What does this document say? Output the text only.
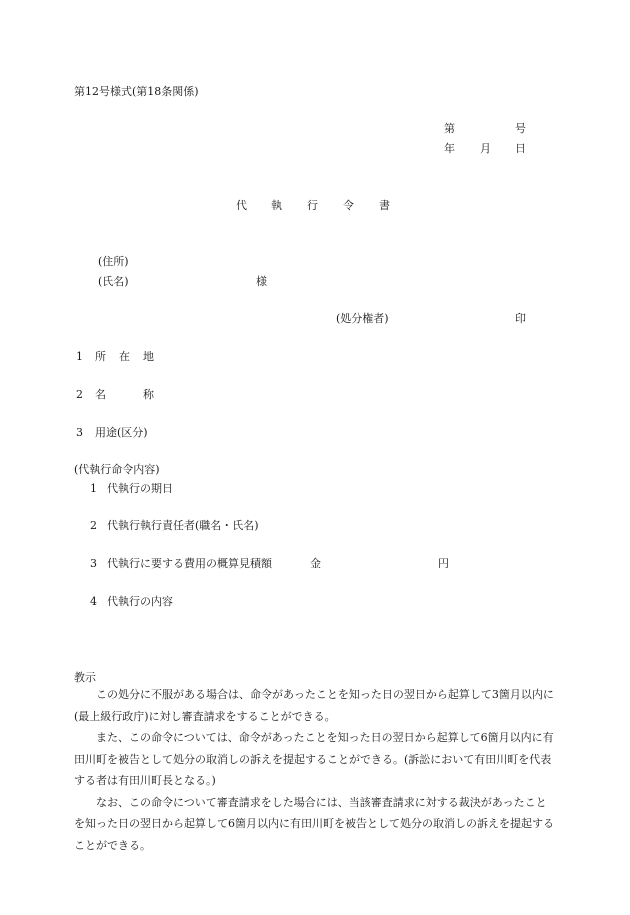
第12号様式(第18条関係)
第	号
年 月 日
代 執 行 令 書
(住所)
(氏名)	様
(処分権者)	印
1 所 在 地
2 名	称
3 用途(区分)
(代執行命令内容)
1 代執行の期日
2 代執行執行責任者(職名・氏名)
3 代執行に要する費用の概算見積額	金	円
4 代執行の内容
教示

この処分に不服がある場合は、命令があったことを知った日の翌日から起算して3箇月以内に(最上級行政庁)に対し審査請求をすることができる。

また、この命令については、命令があったことを知った日の翌日から起算して6箇月以内に有田川町を被告として処分の取消しの訴えを提起することができる。(訴訟において有田川町を代表する者は有田川町長となる。)

なお、この命令について審査請求をした場合には、当該審査請求に対する裁決があったことを知った日の翌日から起算して6箇月以内に有田川町を被告として処分の取消しの訴えを提起することができる。
